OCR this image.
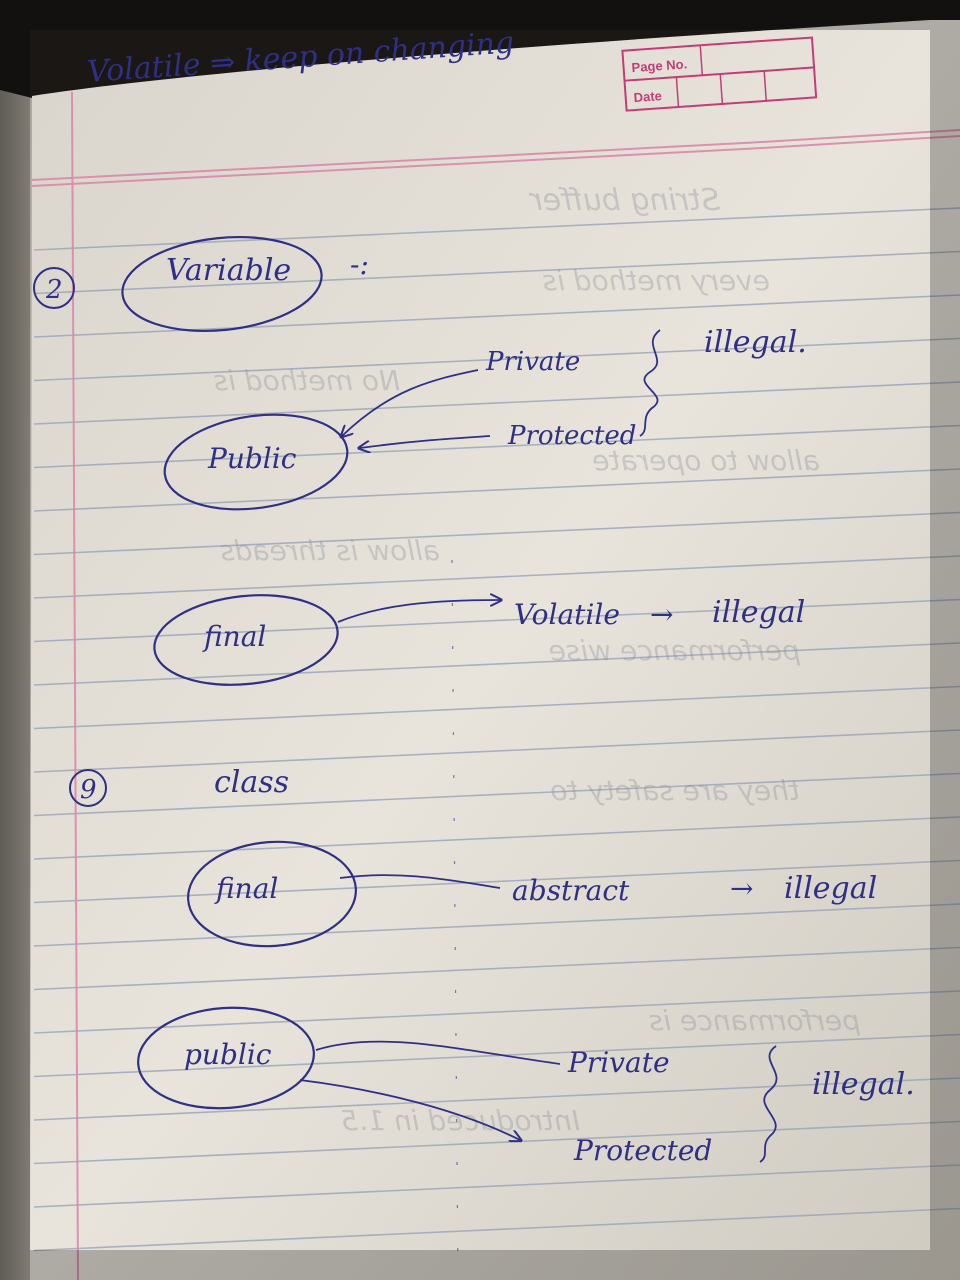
String buffer
every method is
No method is
allow to operate
allow is threads
performance wise
they are safety to
performance is
Introduced in 1.5
Page No.
Date
Volatile ⇒ keep on changing
2
Variable -:
Public
Private
Protected
illegal.
final
Volatile → illegal
9	class
final	abstract	→ illegal
public	Private
Protected
illegal.
